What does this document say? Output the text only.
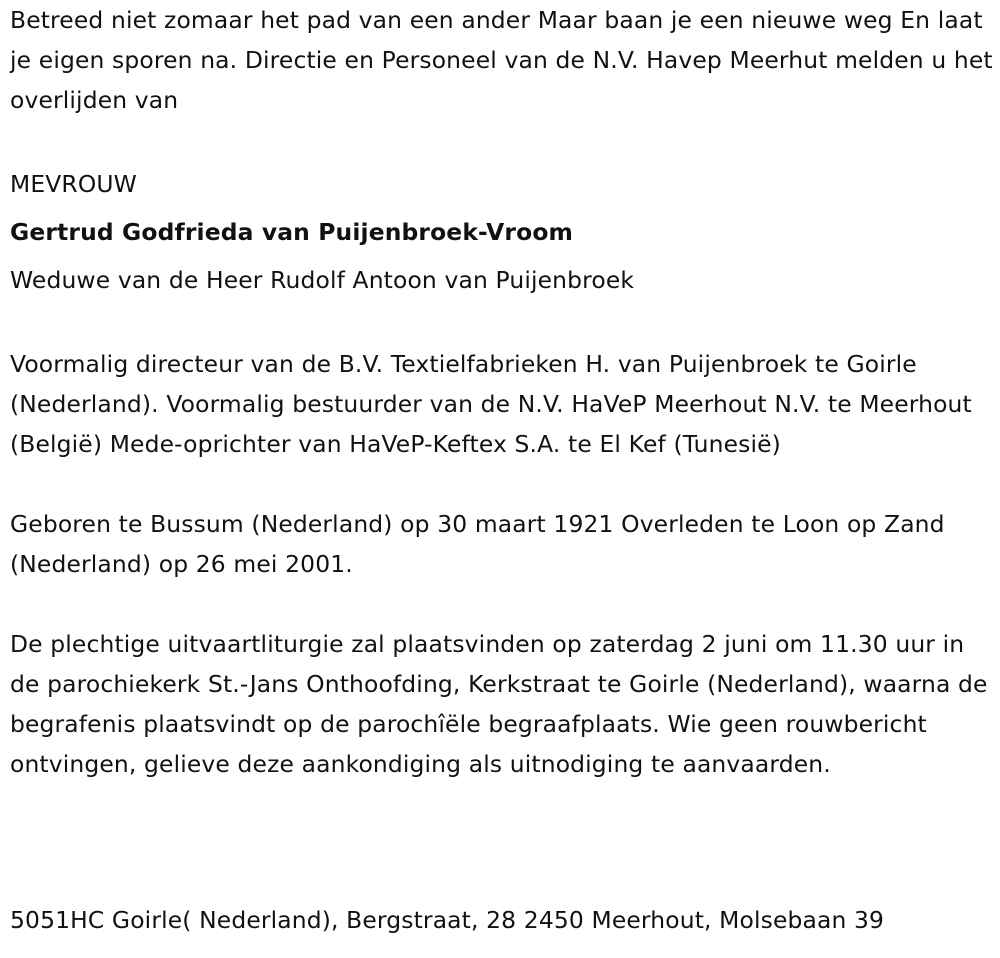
Betreed niet zomaar het pad van een ander Maar baan je een nieuwe weg En laat je eigen sporen na. Directie en Personeel van de N.V. Havep Meerhut melden u het overlijden van

MEVROUW

Gertrud Godfrieda van Puijenbroek-Vroom

Weduwe van de Heer Rudolf Antoon van Puijenbroek

Voormalig directeur van de B.V. Textielfabrieken H. van Puijenbroek te Goirle (Nederland). Voormalig bestuurder van de N.V. HaVeP Meerhout N.V. te Meerhout (België) Mede-oprichter van HaVeP-Keftex S.A. te El Kef (Tunesië)

Geboren te Bussum (Nederland) op 30 maart 1921 Overleden te Loon op Zand (Nederland) op 26 mei 2001.

De plechtige uitvaartliturgie zal plaatsvinden op zaterdag 2 juni om 11.30 uur in de parochiekerk St.-Jans Onthoofding, Kerkstraat te Goirle (Nederland), waarna de begrafenis plaatsvindt op de parochîële begraafplaats. Wie geen rouwbericht ontvingen, gelieve deze aankondiging als uitnodiging te aanvaarden.

5051HC Goirle( Nederland), Bergstraat, 28 2450 Meerhout, Molsebaan 39
